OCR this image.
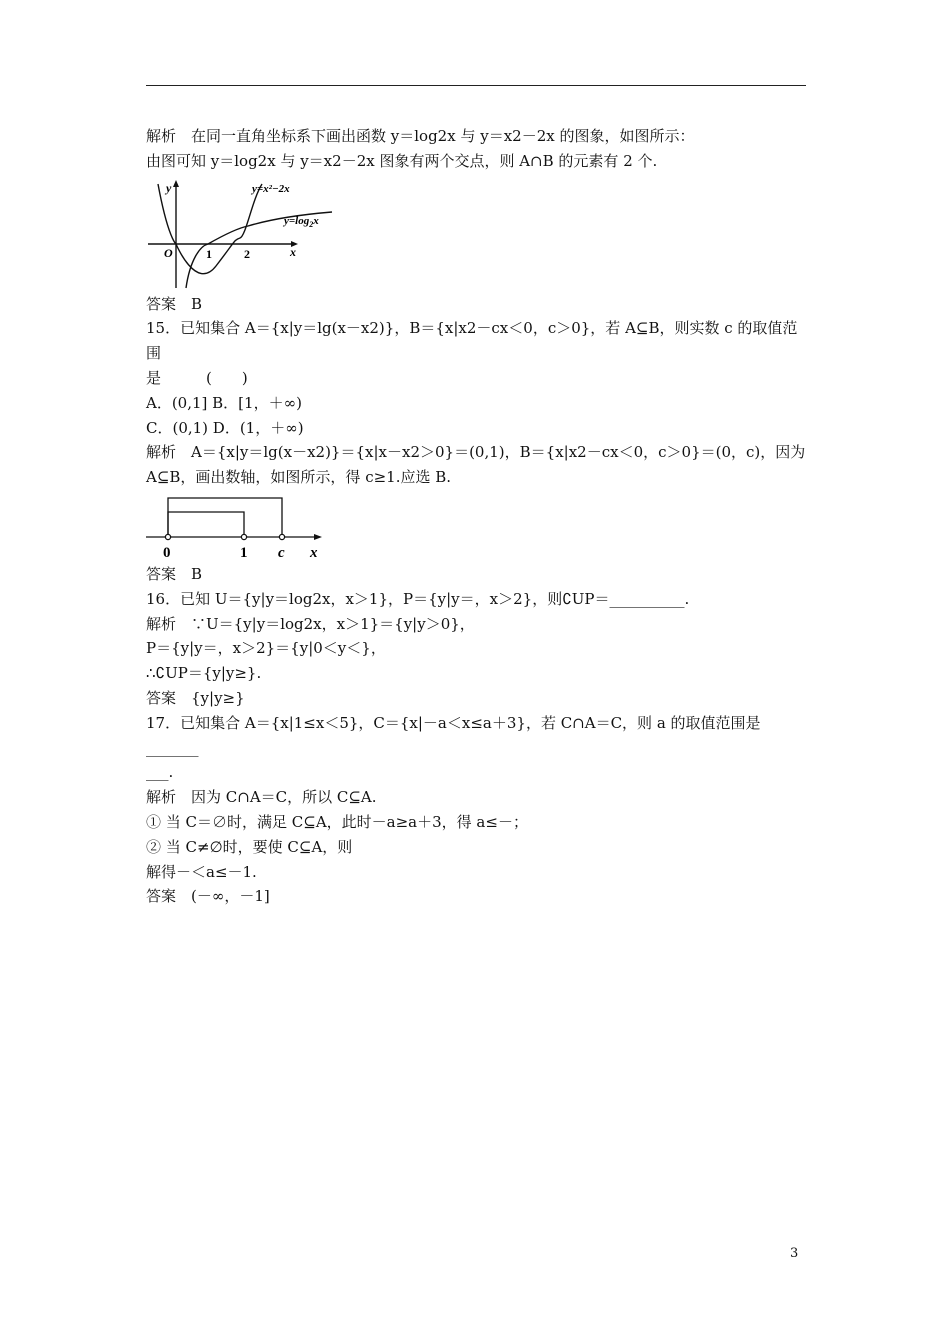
解析　在同一直角坐标系下画出函数 y＝log2x 与 y＝x2－2x 的图象，如图所示：
由图可知 y＝log2x 与 y＝x2－2x 图象有两个交点，则 A∩B 的元素有 2 个.
y
x
O	1	2
y=x²−2x
$y=\log_2x$
答案　B
15．已知集合 A＝{x|y＝lg(x－x2)}，B＝{x|x2－cx＜0，c＞0}，若 A⊆B，则实数 c 的取值范围
是　　　(　　)
A．(0,1] B．[1，＋∞)
C．(0,1) D．(1，＋∞)
解析　A＝{x|y＝lg(x－x2)}＝{x|x－x2＞0}＝(0,1)，B＝{x|x2－cx＜0，c＞0}＝(0，c)，因为
A⊆B，画出数轴，如图所示，得 c≥1.应选 B.
0	1 c x
答案　B
16．已知 U＝{y|y＝log2x，x＞1}，P＝{y|y＝，x＞2}，则∁UP＝__________.
解析　∵U＝{y|y＝log2x，x＞1}＝{y|y＞0}，
P＝{y|y＝，x＞2}＝{y|0＜y＜}，
∴∁UP＝{y|y≥}.
答案　{y|y≥}
17．已知集合 A＝{x|1≤x＜5}，C＝{x|－a＜x≤a＋3}，若 C∩A＝C，则 a 的取值范围是_______
___.
解析　因为 C∩A＝C，所以 C⊆A.
① 当 C＝∅时，满足 C⊆A，此时－a≥a＋3，得 a≤－；
② 当 C≠∅时，要使 C⊆A，则
解得－＜a≤－1.
答案　(－∞，－1]
3
